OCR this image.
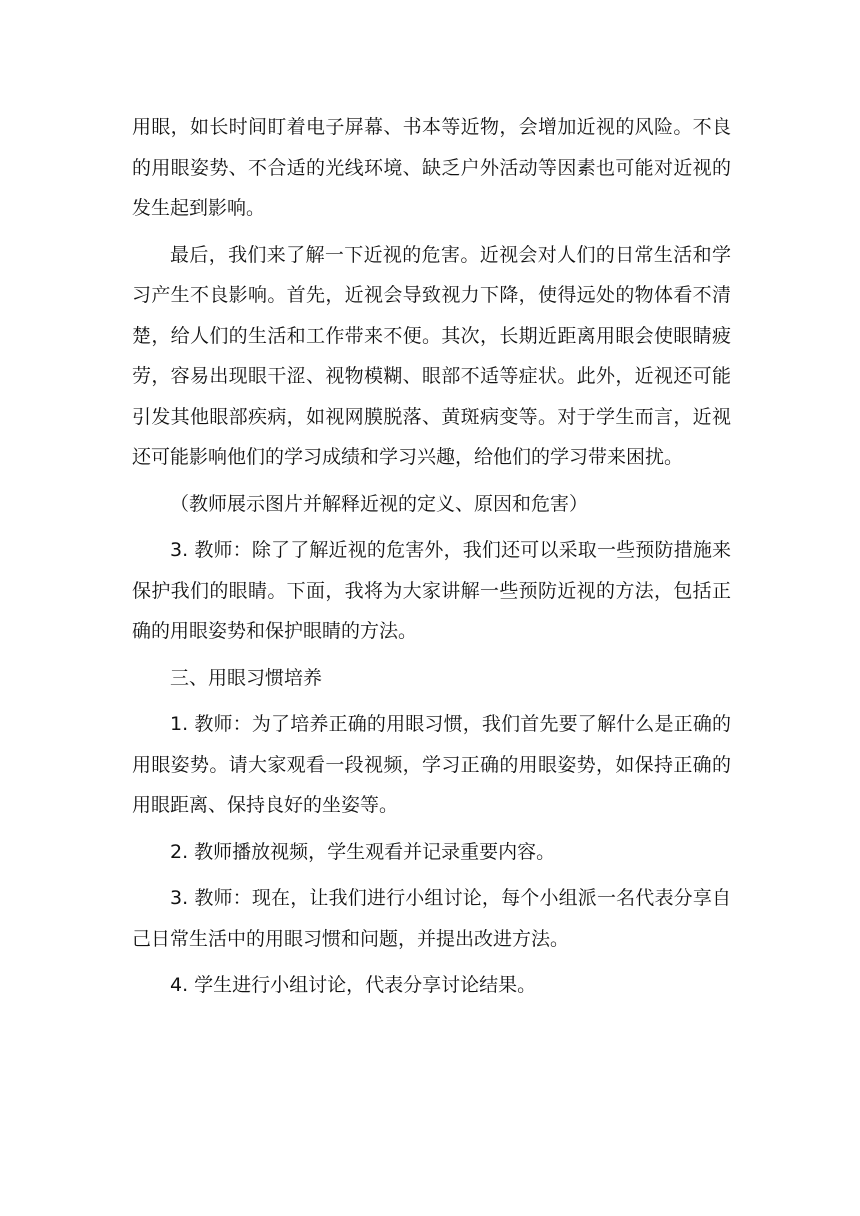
用眼，如长时间盯着电子屏幕、书本等近物，会增加近视的风险。不良的用眼姿势、不合适的光线环境、缺乏户外活动等因素也可能对近视的发生起到影响。

最后，我们来了解一下近视的危害。近视会对人们的日常生活和学习产生不良影响。首先，近视会导致视力下降，使得远处的物体看不清楚，给人们的生活和工作带来不便。其次，长期近距离用眼会使眼睛疲劳，容易出现眼干涩、视物模糊、眼部不适等症状。此外，近视还可能引发其他眼部疾病，如视网膜脱落、黄斑病变等。对于学生而言，近视还可能影响他们的学习成绩和学习兴趣，给他们的学习带来困扰。

（教师展示图片并解释近视的定义、原因和危害）

3. 教师：除了了解近视的危害外，我们还可以采取一些预防措施来保护我们的眼睛。下面，我将为大家讲解一些预防近视的方法，包括正确的用眼姿势和保护眼睛的方法。

三、用眼习惯培养

1. 教师：为了培养正确的用眼习惯，我们首先要了解什么是正确的用眼姿势。请大家观看一段视频，学习正确的用眼姿势，如保持正确的用眼距离、保持良好的坐姿等。

2. 教师播放视频，学生观看并记录重要内容。

3. 教师：现在，让我们进行小组讨论，每个小组派一名代表分享自己日常生活中的用眼习惯和问题，并提出改进方法。

4. 学生进行小组讨论，代表分享讨论结果。
